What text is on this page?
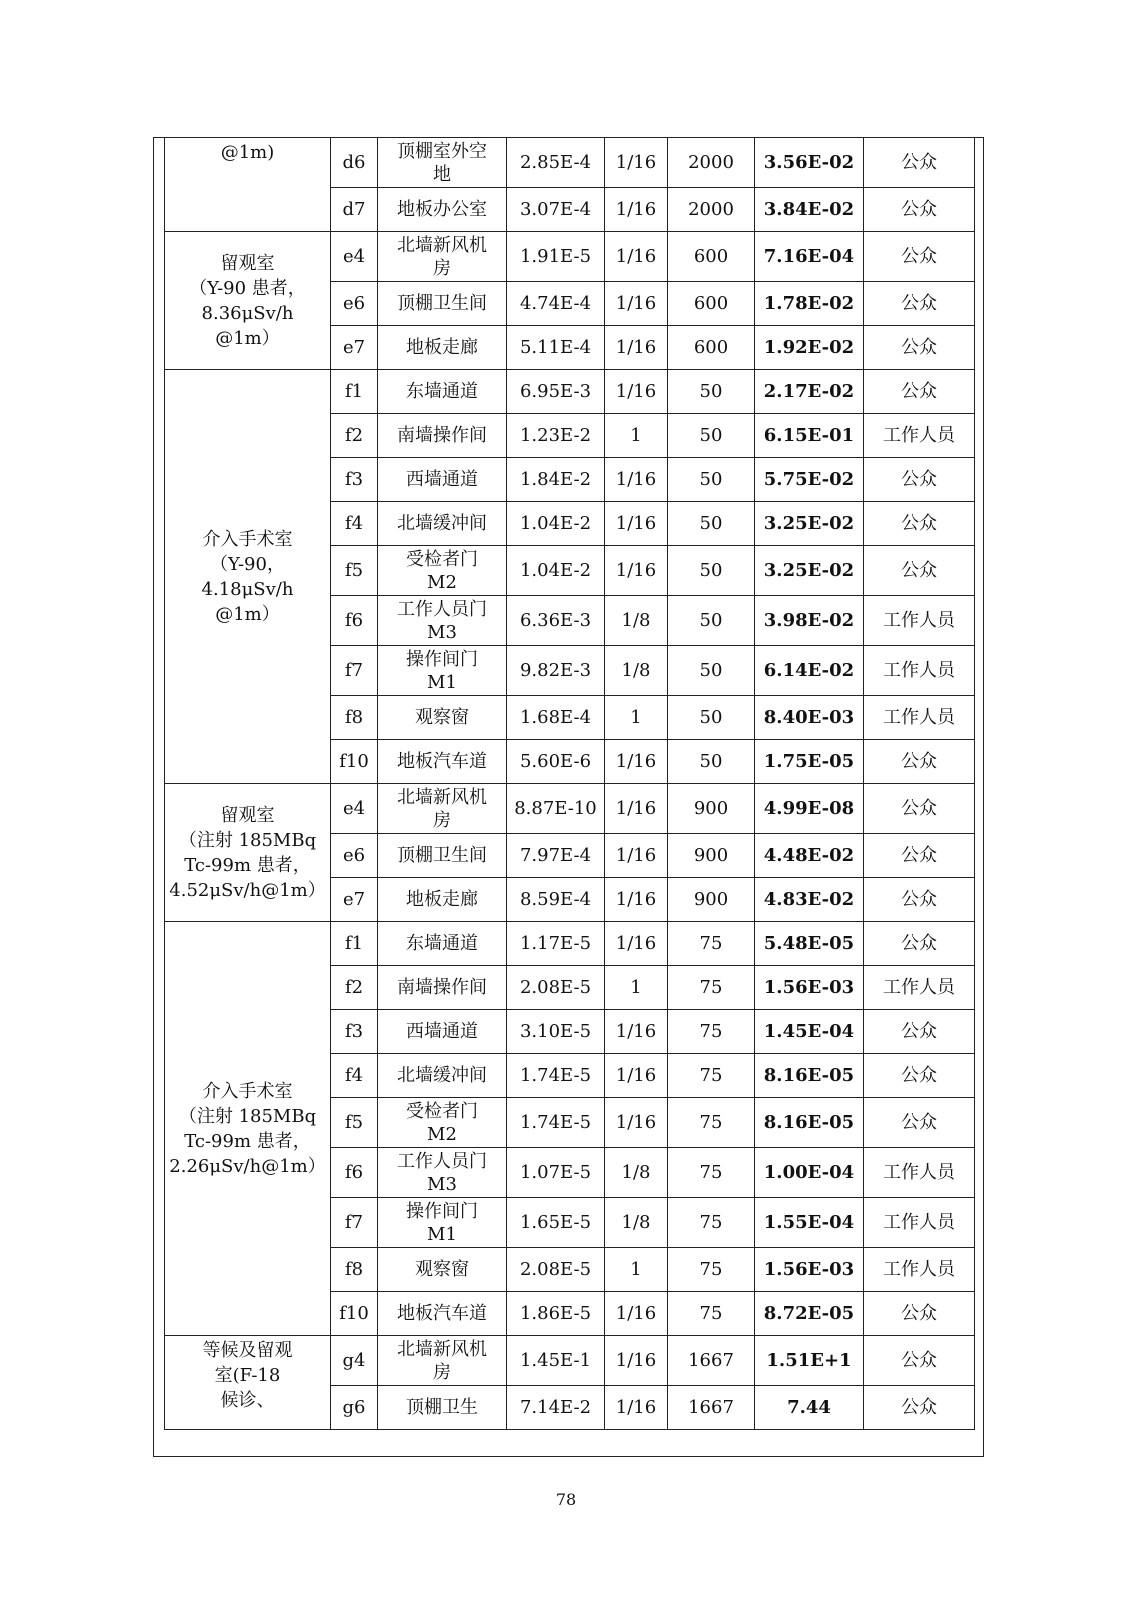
@1m)	d6	顶棚室外空
地	2.85E-4	1/16	2000	3.56E-02	公众
	d7	地板办公室	3.07E-4	1/16	2000	3.84E-02	公众
留观室
（Y-90 患者，
8.36μSv/h
@1m）	e4	北墙新风机
房	1.91E-5	1/16	600	7.16E-04	公众
	e6	顶棚卫生间	4.74E-4	1/16	600	1.78E-02	公众
	e7	地板走廊	5.11E-4	1/16	600	1.92E-02	公众
介入手术室
（Y-90，
4.18μSv/h
@1m）	f1	东墙通道	6.95E-3	1/16	50	2.17E-02	公众
	f2	南墙操作间	1.23E-2	1	50	6.15E-01	工作人员
	f3	西墙通道	1.84E-2	1/16	50	5.75E-02	公众
	f4	北墙缓冲间	1.04E-2	1/16	50	3.25E-02	公众
	f5	受检者门
M2	1.04E-2	1/16	50	3.25E-02	公众
	f6	工作人员门
M3	6.36E-3	1/8	50	3.98E-02	工作人员
	f7	操作间门
M1	9.82E-3	1/8	50	6.14E-02	工作人员
	f8	观察窗	1.68E-4	1	50	8.40E-03	工作人员
	f10	地板汽车道	5.60E-6	1/16	50	1.75E-05	公众
留观室
（注射 185MBq
Tc-99m 患者，
4.52μSv/h@1m）	e4	北墙新风机
房	8.87E-10	1/16	900	4.99E-08	公众
	e6	顶棚卫生间	7.97E-4	1/16	900	4.48E-02	公众
	e7	地板走廊	8.59E-4	1/16	900	4.83E-02	公众
介入手术室
（注射 185MBq
Tc-99m 患者，
2.26μSv/h@1m）	f1	东墙通道	1.17E-5	1/16	75	5.48E-05	公众
	f2	南墙操作间	2.08E-5	1	75	1.56E-03	工作人员
	f3	西墙通道	3.10E-5	1/16	75	1.45E-04	公众
	f4	北墙缓冲间	1.74E-5	1/16	75	8.16E-05	公众
	f5	受检者门
M2	1.74E-5	1/16	75	8.16E-05	公众
	f6	工作人员门
M3	1.07E-5	1/8	75	1.00E-04	工作人员
	f7	操作间门
M1	1.65E-5	1/8	75	1.55E-04	工作人员
	f8	观察窗	2.08E-5	1	75	1.56E-03	工作人员
	f10	地板汽车道	1.86E-5	1/16	75	8.72E-05	公众
等候及留观
室(F-18
候诊、	g4	北墙新风机
房	1.45E-1	1/16	1667	1.51E+1	公众
	g6	顶棚卫生	7.14E-2	1/16	1667	7.44	公众
78
